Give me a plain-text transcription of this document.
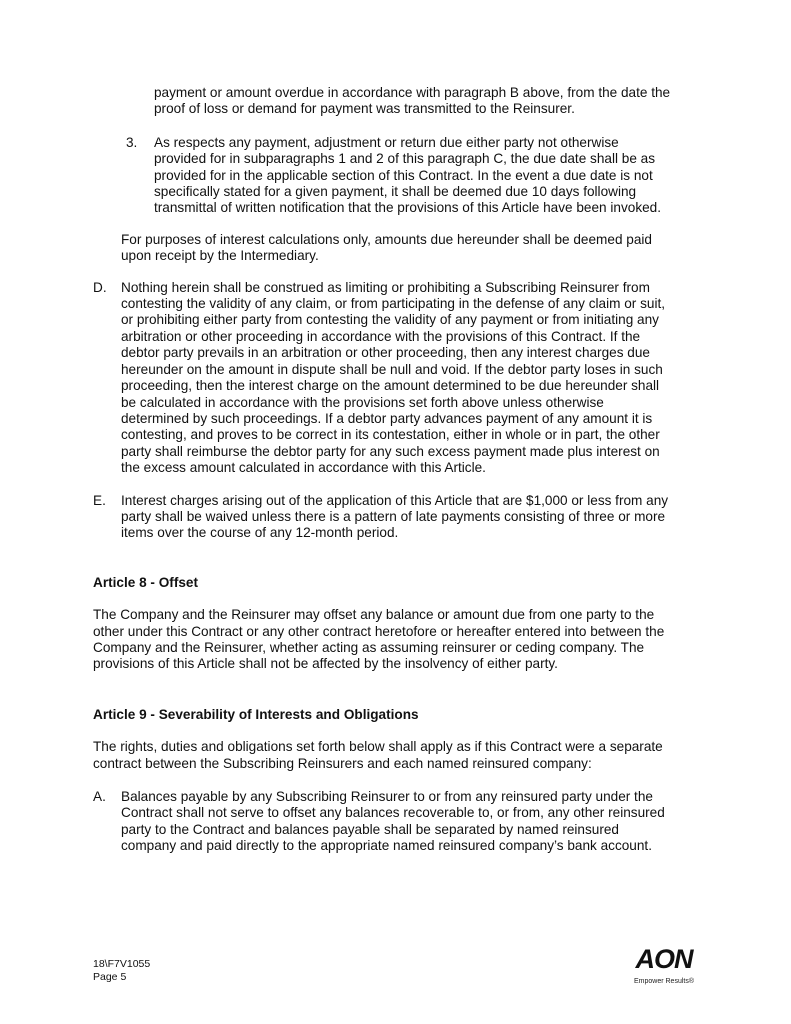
payment or amount overdue in accordance with paragraph B above, from the date the
proof of loss or demand for payment was transmitted to the Reinsurer.

3. As respects any payment, adjustment or return due either party not otherwise
provided for in subparagraphs 1 and 2 of this paragraph C, the due date shall be as
provided for in the applicable section of this Contract. In the event a due date is not
specifically stated for a given payment, it shall be deemed due 10 days following
transmittal of written notification that the provisions of this Article have been invoked.

For purposes of interest calculations only, amounts due hereunder shall be deemed paid
upon receipt by the Intermediary.

D. Nothing herein shall be construed as limiting or prohibiting a Subscribing Reinsurer from
contesting the validity of any claim, or from participating in the defense of any claim or suit,
or prohibiting either party from contesting the validity of any payment or from initiating any
arbitration or other proceeding in accordance with the provisions of this Contract. If the
debtor party prevails in an arbitration or other proceeding, then any interest charges due
hereunder on the amount in dispute shall be null and void. If the debtor party loses in such
proceeding, then the interest charge on the amount determined to be due hereunder shall
be calculated in accordance with the provisions set forth above unless otherwise
determined by such proceedings. If a debtor party advances payment of any amount it is
contesting, and proves to be correct in its contestation, either in whole or in part, the other
party shall reimburse the debtor party for any such excess payment made plus interest on
the excess amount calculated in accordance with this Article.
E. Interest charges arising out of the application of this Article that are $1,000 or less from any
party shall be waived unless there is a pattern of late payments consisting of three or more
items over the course of any 12-month period.

Article 8 - Offset

The Company and the Reinsurer may offset any balance or amount due from one party to the
other under this Contract or any other contract heretofore or hereafter entered into between the
Company and the Reinsurer, whether acting as assuming reinsurer or ceding company. The
provisions of this Article shall not be affected by the insolvency of either party.

Article 9 - Severability of Interests and Obligations

The rights, duties and obligations set forth below shall apply as if this Contract were a separate
contract between the Subscribing Reinsurers and each named reinsured company:

A. Balances payable by any Subscribing Reinsurer to or from any reinsured party under the
Contract shall not serve to offset any balances recoverable to, or from, any other reinsured
party to the Contract and balances payable shall be separated by named reinsured
company and paid directly to the appropriate named reinsured company’s bank account.
18\F7V1055
Page 5
AON
Empower Results®
